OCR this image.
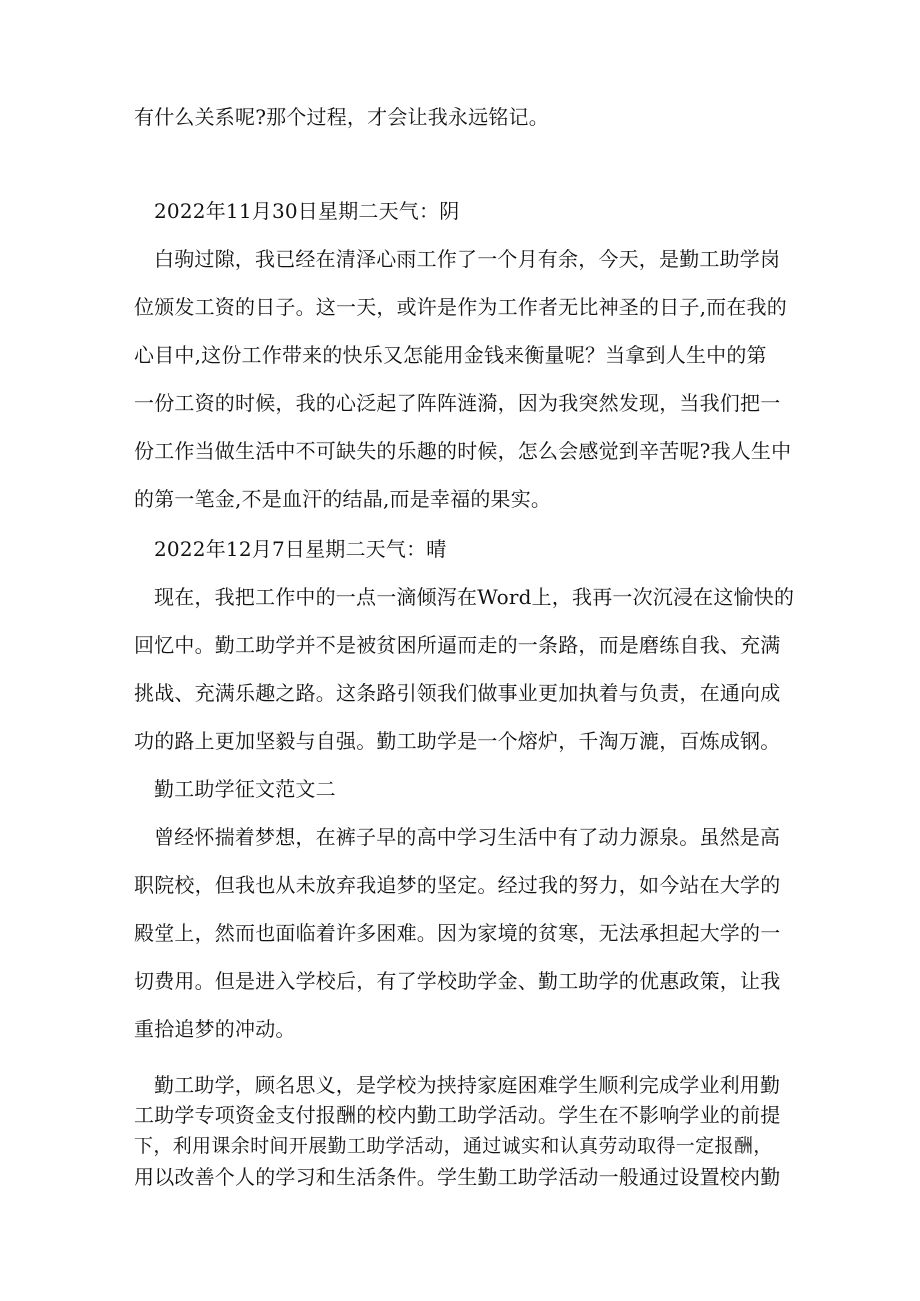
有什么关系呢?那个过程，才会让我永远铭记。
2022年11月30日星期二天气：阴
白驹过隙，我已经在清泽心雨工作了一个月有余，今天，是勤工助学岗
位颁发工资的日子。这一天，或许是作为工作者无比神圣的日子,而在我的
心目中,这份工作带来的快乐又怎能用金钱来衡量呢？当拿到人生中的第
一份工资的时候，我的心泛起了阵阵涟漪，因为我突然发现，当我们把一
份工作当做生活中不可缺失的乐趣的时候，怎么会感觉到辛苦呢?我人生中
的第一笔金,不是血汗的结晶,而是幸福的果实。
2022年12月7日星期二天气：晴
现在，我把工作中的一点一滴倾泻在Word上，我再一次沉浸在这愉快的
回忆中。勤工助学并不是被贫困所逼而走的一条路，而是磨练自我、充满
挑战、充满乐趣之路。这条路引领我们做事业更加执着与负责，在通向成
功的路上更加坚毅与自强。勤工助学是一个熔炉，千淘万漉，百炼成钢。
勤工助学征文范文二
曾经怀揣着梦想，在裤子早的高中学习生活中有了动力源泉。虽然是高
职院校，但我也从未放弃我追梦的坚定。经过我的努力，如今站在大学的
殿堂上，然而也面临着许多困难。因为家境的贫寒，无法承担起大学的一
切费用。但是进入学校后，有了学校助学金、勤工助学的优惠政策，让我
重拾追梦的冲动。
勤工助学，顾名思义，是学校为挟持家庭困难学生顺利完成学业利用勤
工助学专项资金支付报酬的校内勤工助学活动。学生在不影响学业的前提
下，利用课余时间开展勤工助学活动，通过诚实和认真劳动取得一定报酬，
用以改善个人的学习和生活条件。学生勤工助学活动一般通过设置校内勤
